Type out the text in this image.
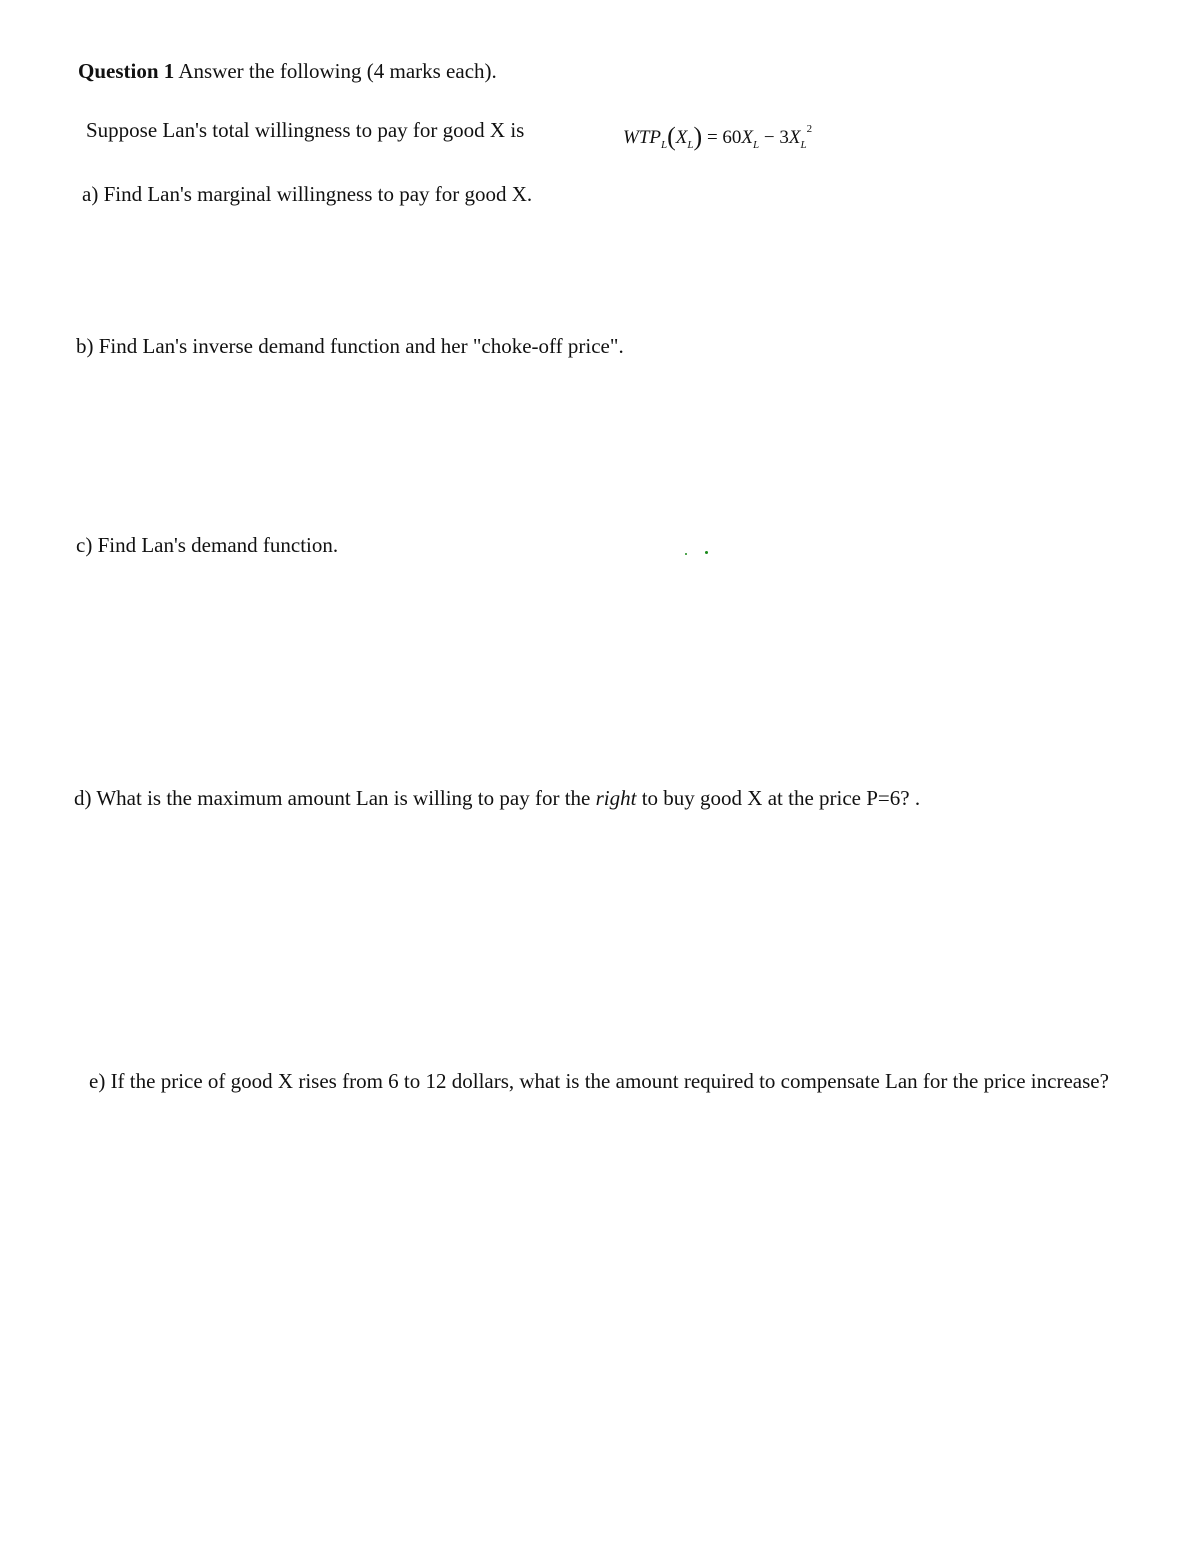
Question 1 Answer the following (4 marks each).
Suppose Lan's total willingness to pay for good X is	$WTP_L(X_L) = 60X_L - 3X_L^2$
a) Find Lan's marginal willingness to pay for good X.
b) Find Lan's inverse demand function and her "choke-off price".
c) Find Lan's demand function.
d) What is the maximum amount Lan is willing to pay for the right to buy good X at the price P=6? .
e) If the price of good X rises from 6 to 12 dollars, what is the amount required to compensate Lan for the price increase?
